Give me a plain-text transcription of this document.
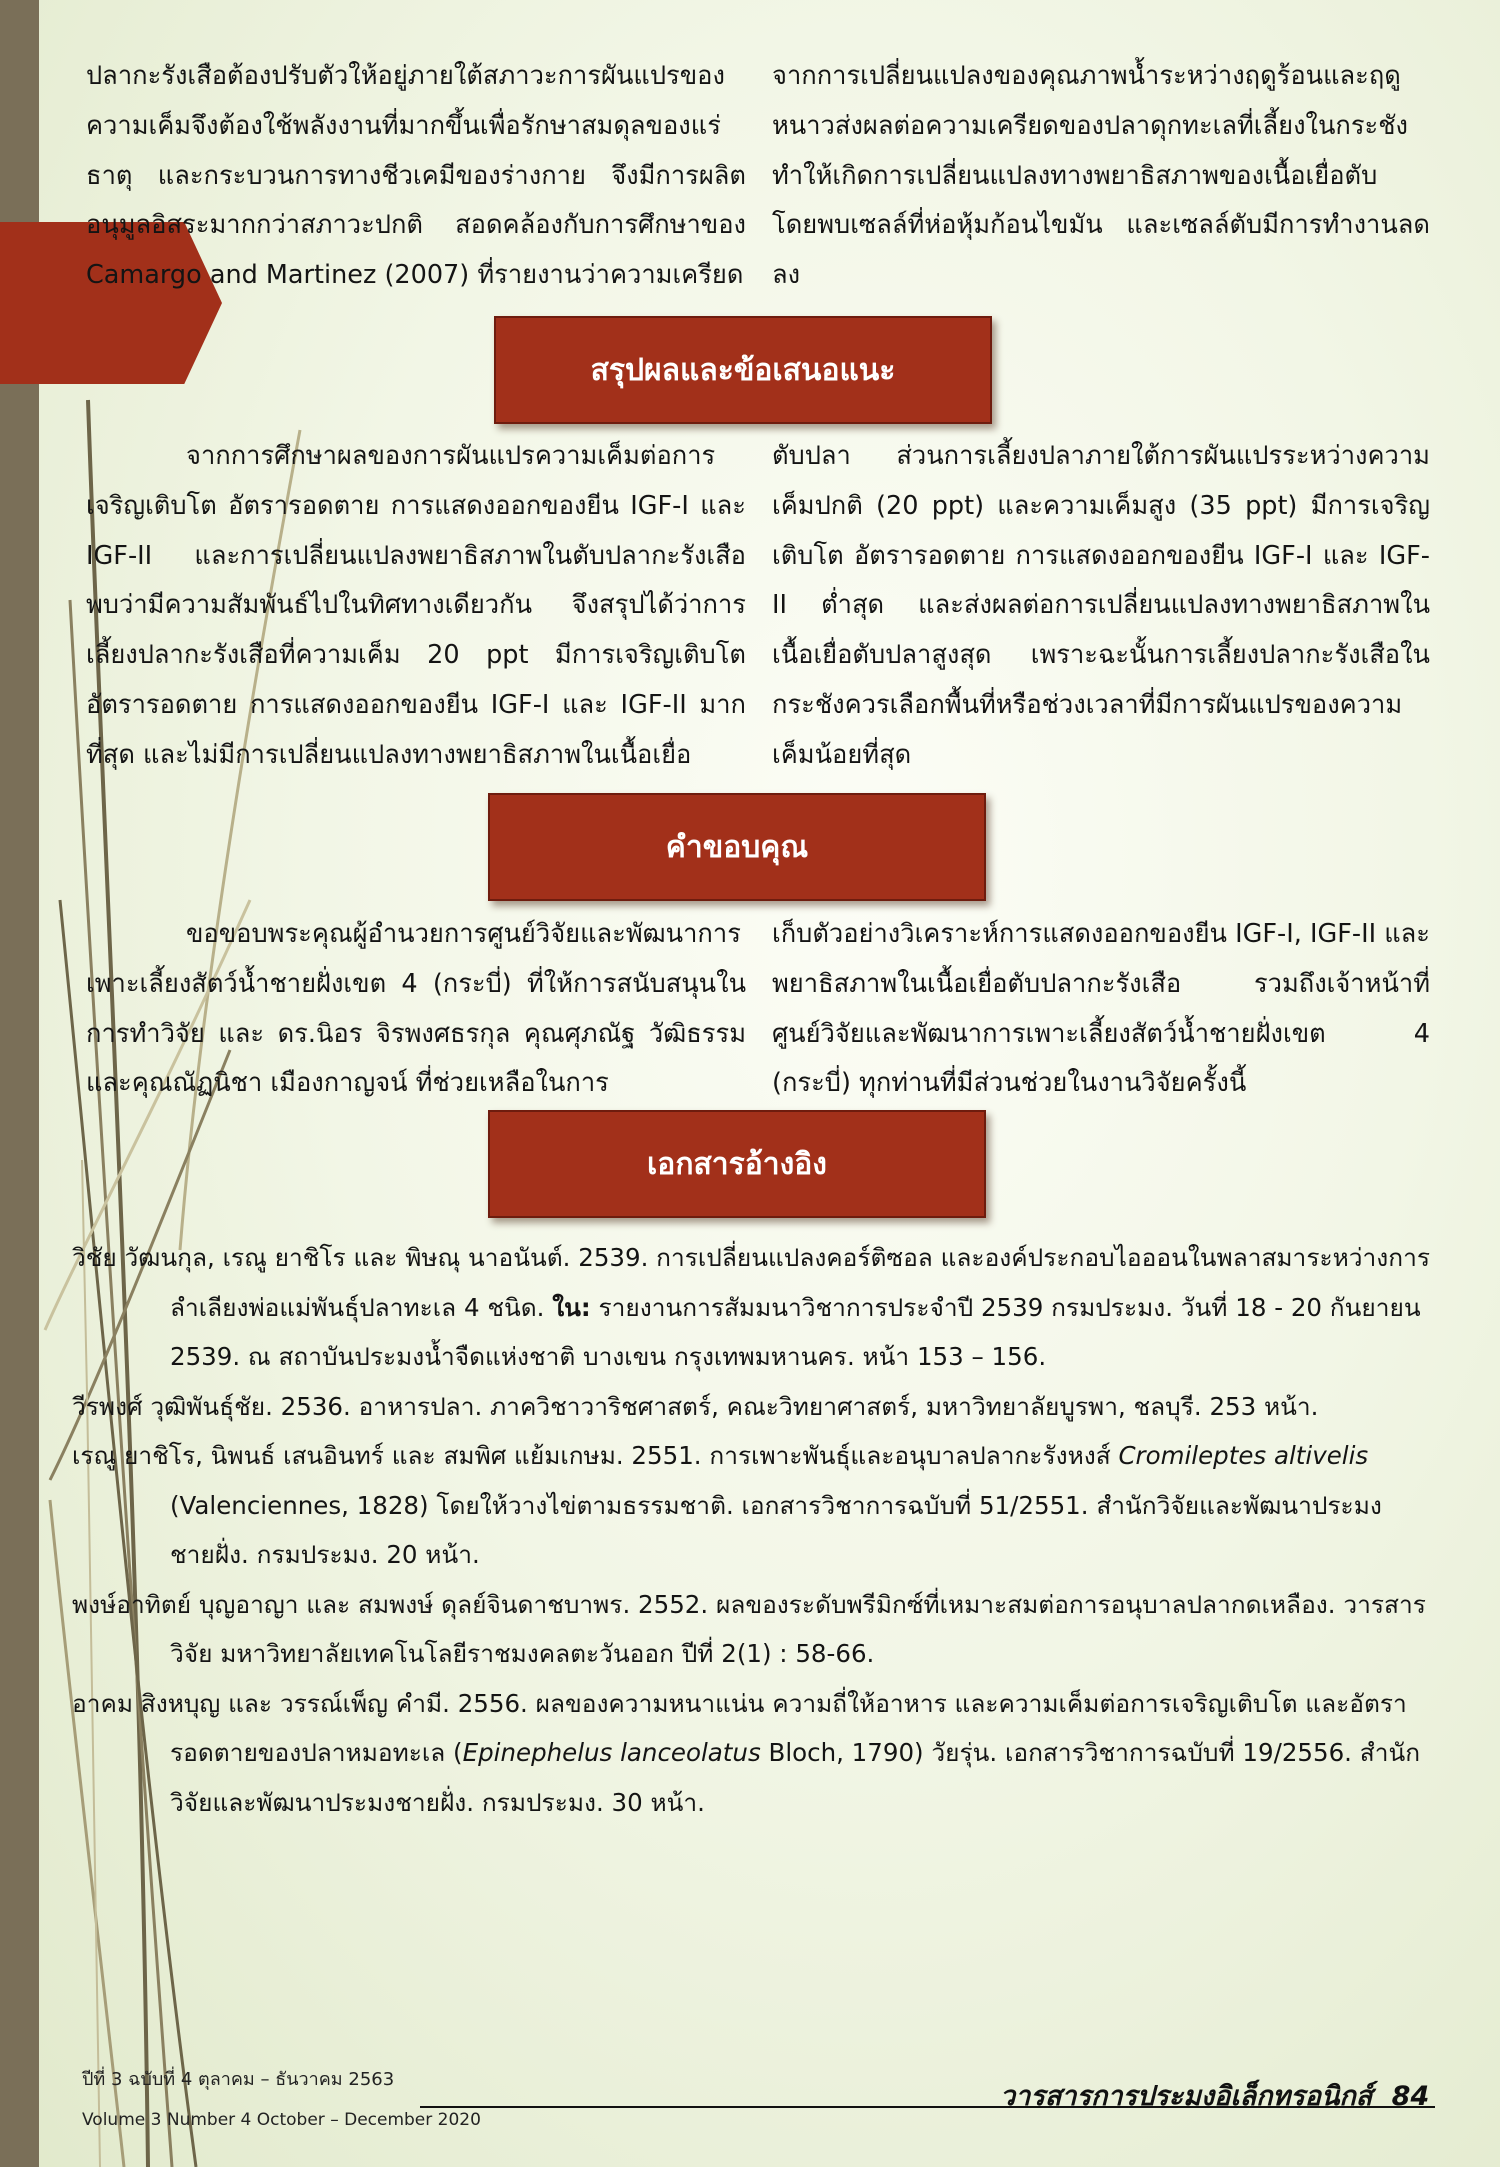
ปลากะรังเสือต้องปรับตัวให้อยู่ภายใต้สภาวะการผันแปรของความเค็มจึงต้องใช้พลังงานที่มากขึ้นเพื่อรักษาสมดุลของแร่ธาตุ และกระบวนการทางชีวเคมีของร่างกาย จึงมีการผลิตอนุมูลอิสระมากกว่าสภาวะปกติ สอดคล้องกับการศึกษาของ Camargo and Martinez (2007) ที่รายงานว่าความเครียด

จากการเปลี่ยนแปลงของคุณภาพน้ำระหว่างฤดูร้อนและฤดูหนาวส่งผลต่อความเครียดของปลาดุกทะเลที่เลี้ยงในกระชัง ทำให้เกิดการเปลี่ยนแปลงทางพยาธิสภาพของเนื้อเยื่อตับ โดยพบเซลล์ที่ห่อหุ้มก้อนไขมัน และเซลล์ตับมีการทำงานลดลง

สรุปผลและข้อเสนอแนะ

จากการศึกษาผลของการผันแปรความเค็มต่อการเจริญเติบโต อัตรารอดตาย การแสดงออกของยีน IGF-I และ IGF-II และการเปลี่ยนแปลงพยาธิสภาพในตับปลากะรังเสือ พบว่ามีความสัมพันธ์ไปในทิศทางเดียวกัน จึงสรุปได้ว่าการเลี้ยงปลากะรังเสือที่ความเค็ม 20 ppt มีการเจริญเติบโต อัตรารอดตาย การแสดงออกของยีน IGF-I และ IGF-II มากที่สุด และไม่มีการเปลี่ยนแปลงทางพยาธิสภาพในเนื้อเยื่อ

ตับปลา ส่วนการเลี้ยงปลาภายใต้การผันแปรระหว่างความเค็มปกติ (20 ppt) และความเค็มสูง (35 ppt) มีการเจริญเติบโต อัตรารอดตาย การแสดงออกของยีน IGF-I และ IGF-II ต่ำสุด และส่งผลต่อการเปลี่ยนแปลงทางพยาธิสภาพในเนื้อเยื่อตับปลาสูงสุด เพราะฉะนั้นการเลี้ยงปลากะรังเสือในกระชังควรเลือกพื้นที่หรือช่วงเวลาที่มีการผันแปรของความเค็มน้อยที่สุด

คำขอบคุณ

ขอขอบพระคุณผู้อำนวยการศูนย์วิจัยและพัฒนาการเพาะเลี้ยงสัตว์น้ำชายฝั่งเขต 4 (กระบี่) ที่ให้การสนับสนุนในการทำวิจัย และ ดร.นิอร จิรพงศธรกุล คุณศุภณัฐ วัฒิธรรม และคุณณัฏนิชา เมืองกาญจน์ ที่ช่วยเหลือในการ

เก็บตัวอย่างวิเคราะห์การแสดงออกของยีน IGF-I, IGF-II และพยาธิสภาพในเนื้อเยื่อตับปลากะรังเสือ รวมถึงเจ้าหน้าที่ศูนย์วิจัยและพัฒนาการเพาะเลี้ยงสัตว์น้ำชายฝั่งเขต 4 (กระบี่) ทุกท่านที่มีส่วนช่วยในงานวิจัยครั้งนี้

เอกสารอ้างอิง

วิชัย วัฒนกุล, เรณู ยาชิโร และ พิษณุ นาอนันต์. 2539. การเปลี่ยนแปลงคอร์ติซอล และองค์ประกอบไอออนในพลาสมาระหว่างการลำเลียงพ่อแม่พันธุ์ปลาทะเล 4 ชนิด. ใน: รายงานการสัมมนาวิชาการประจำปี 2539 กรมประมง. วันที่ 18 - 20 กันยายน 2539. ณ สถาบันประมงน้ำจืดแห่งชาติ บางเขน กรุงเทพมหานคร. หน้า 153 – 156.

วีรพงศ์ วุฒิพันธุ์ชัย. 2536. อาหารปลา. ภาควิชาวาริชศาสตร์, คณะวิทยาศาสตร์, มหาวิทยาลัยบูรพา, ชลบุรี. 253 หน้า.

เรณู ยาชิโร, นิพนธ์ เสนอินทร์ และ สมพิศ แย้มเกษม. 2551. การเพาะพันธุ์และอนุบาลปลากะรังหงส์ Cromileptes altivelis (Valenciennes, 1828) โดยให้วางไข่ตามธรรมชาติ. เอกสารวิชาการฉบับที่ 51/2551. สำนักวิจัยและพัฒนาประมงชายฝั่ง. กรมประมง. 20 หน้า.

พงษ์อาทิตย์ บุญอาญา และ สมพงษ์ ดุลย์จินดาชบาพร. 2552. ผลของระดับพรีมิกซ์ที่เหมาะสมต่อการอนุบาลปลากดเหลือง. วารสารวิจัย มหาวิทยาลัยเทคโนโลยีราชมงคลตะวันออก ปีที่ 2(1) : 58-66.

อาคม สิงหบุญ และ วรรณ์เพ็ญ คำมี. 2556. ผลของความหนาแน่น ความถี่ให้อาหาร และความเค็มต่อการเจริญเติบโต และอัตรารอดตายของปลาหมอทะเล (Epinephelus lanceolatus Bloch, 1790) วัยรุ่น. เอกสารวิชาการฉบับที่ 19/2556. สำนักวิจัยและพัฒนาประมงชายฝั่ง. กรมประมง. 30 หน้า.

ปีที่ 3 ฉบับที่ 4 ตุลาคม – ธันวาคม 2563
Volume 3 Number 4 October – December 2020
วารสารการประมงอิเล็กทรอนิกส์ 84
